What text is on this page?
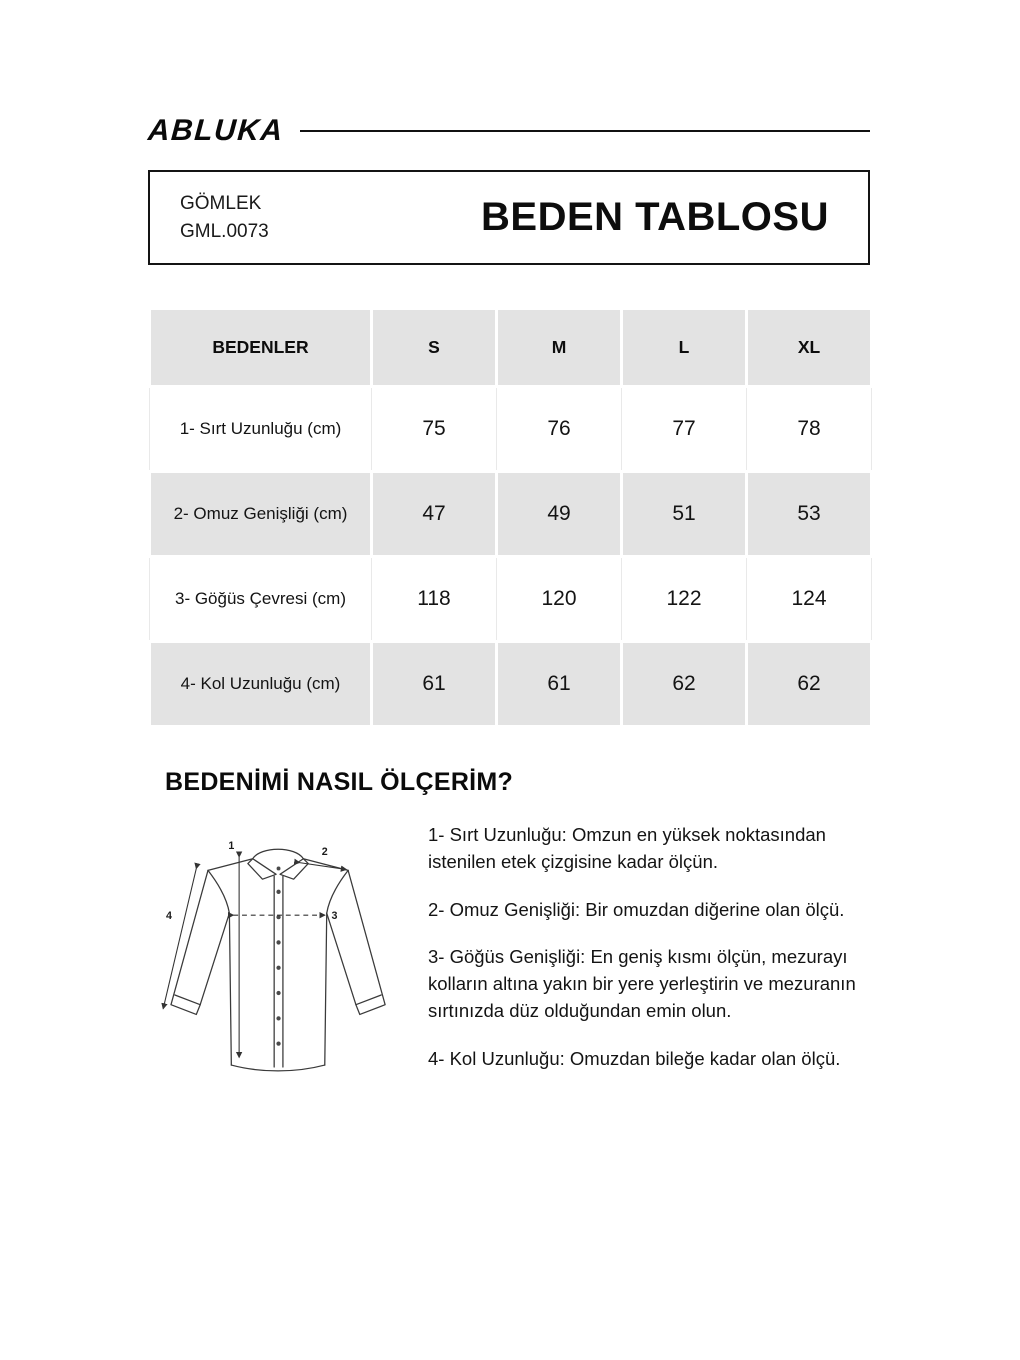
ABLUKA
GÖMLEK
GML.0073	BEDEN TABLOSU
BEDENLER	S	M	L	XL
1- Sırt Uzunluğu (cm)	75	76	77	78
2- Omuz Genişliği (cm)	47	49	51	53
3- Göğüs Çevresi (cm)	118	120	122	124
4- Kol Uzunluğu (cm)	61	61	62	62
BEDENİMİ NASIL ÖLÇERİM?
1	2
3
4

1- Sırt Uzunluğu: Omzun en yüksek noktasından istenilen etek çizgisine kadar ölçün.

2- Omuz Genişliği: Bir omuzdan diğerine olan ölçü.

3- Göğüs Genişliği: En geniş kısmı ölçün, mezurayı kolların altına yakın bir yere yerleştirin ve mezuranın sırtınızda düz olduğundan emin olun.

4- Kol Uzunluğu: Omuzdan bileğe kadar olan ölçü.
